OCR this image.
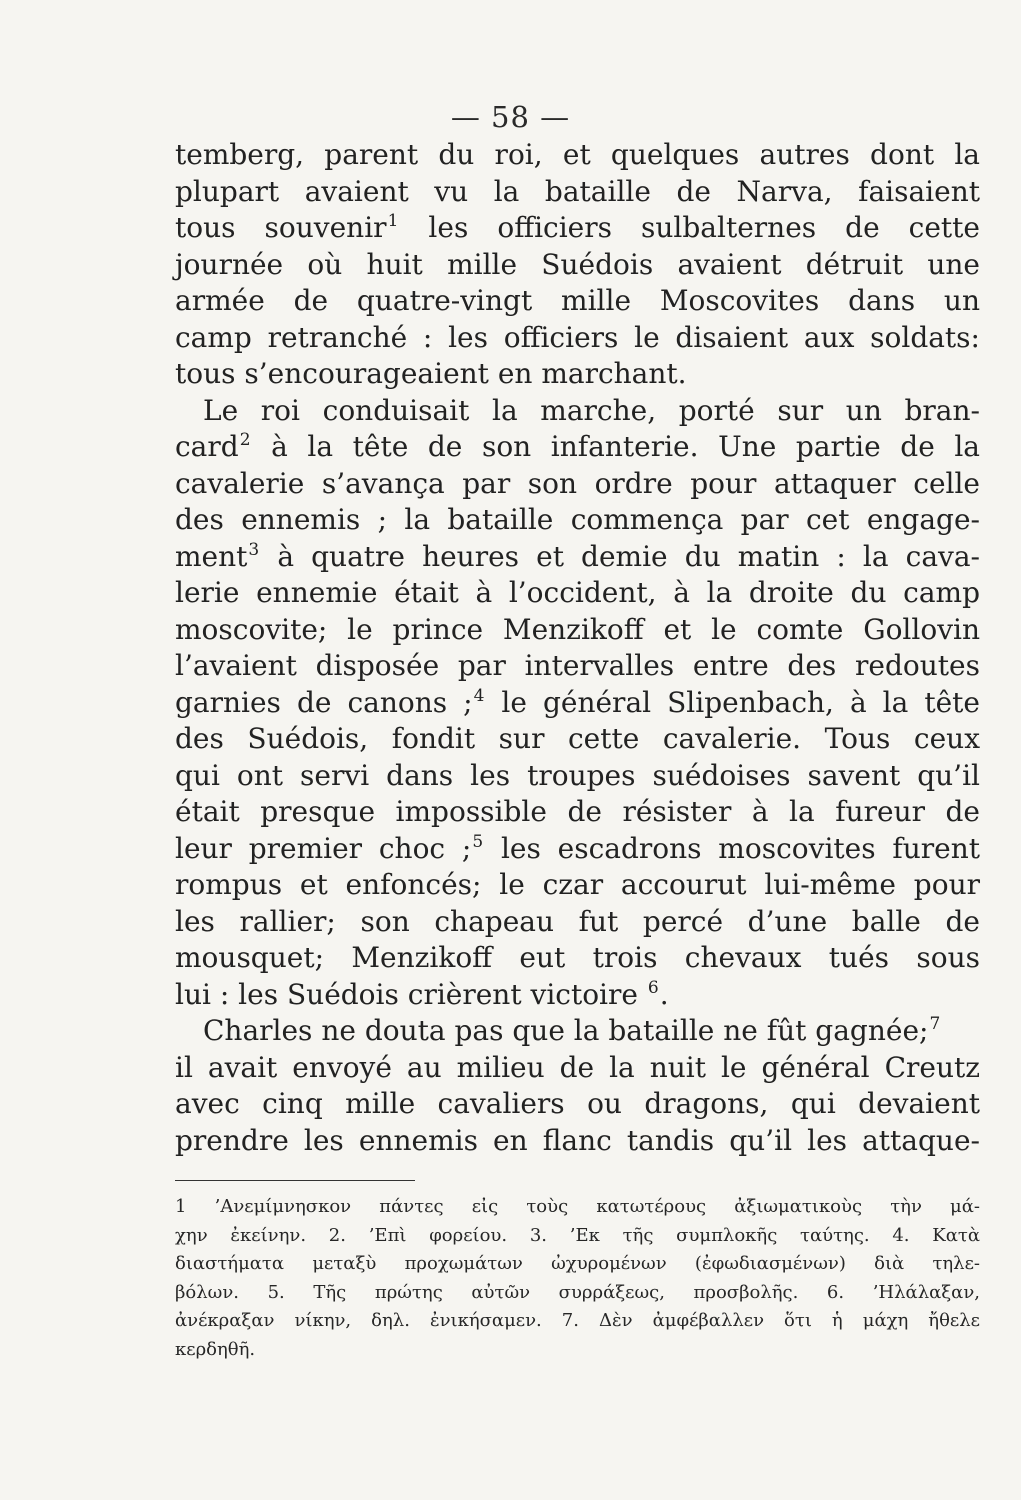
— 58 —
temberg, parent du roi, et quelques autres dont la
plupart avaient vu la bataille de Narva, faisaient
tous souvenir$^1$ les officiers sulbalternes de cette
journée où huit mille Suédois avaient détruit une
armée de quatre-vingt mille Moscovites dans un
camp retranché : les officiers le disaient aux soldats:
tous s’encourageaient en marchant.
Le roi conduisait la marche, porté sur un bran-
card$^2$ à la tête de son infanterie. Une partie de la
cavalerie s’avança par son ordre pour attaquer celle
des ennemis ; la bataille commença par cet engage-
ment$^3$ à quatre heures et demie du matin : la cava-
lerie ennemie était à l’occident, à la droite du camp
moscovite; le prince Menzikoff et le comte Gollovin
l’avaient disposée par intervalles entre des redoutes
garnies de canons ;$^4$ le général Slipenbach, à la tête
des Suédois, fondit sur cette cavalerie. Tous ceux
qui ont servi dans les troupes suédoises savent qu’il
était presque impossible de résister à la fureur de
leur premier choc ;$^5$ les escadrons moscovites furent
rompus et enfoncés; le czar accourut lui-même pour
les rallier; son chapeau fut percé d’une balle de
mousquet; Menzikoff eut trois chevaux tués sous
lui : les Suédois crièrent victoire $^6$.
Charles ne douta pas que la bataille ne fût gagnée;$^7$
il avait envoyé au milieu de la nuit le général Creutz
avec cinq mille cavaliers ou dragons, qui devaient
prendre les ennemis en flanc tandis qu’il les attaque-
1 ’Ανεμίμνησκον πάντες εἰς τοὺς κατωτέρους ἀξιωματικοὺς τὴν μά-
χην ἐκείνην. 2. ’Επὶ φορείου. 3. ’Εκ τῆς συμπλοκῆς ταύτης. 4. Κατὰ
διαστήματα μεταξὺ προχωμάτων ὠχυρομένων (ἐφωδιασμένων) διὰ τηλε-
βόλων. 5. Τῆς πρώτης αὐτῶν συρράξεως, προσβολῆς. 6. ’Ηλάλαξαν,
ἀνέκραξαν νίκην, δηλ. ἐνικήσαμεν. 7. Δὲν ἀμφέβαλλεν ὅτι ἡ μάχη ἤθελε
κερδηθῆ.
